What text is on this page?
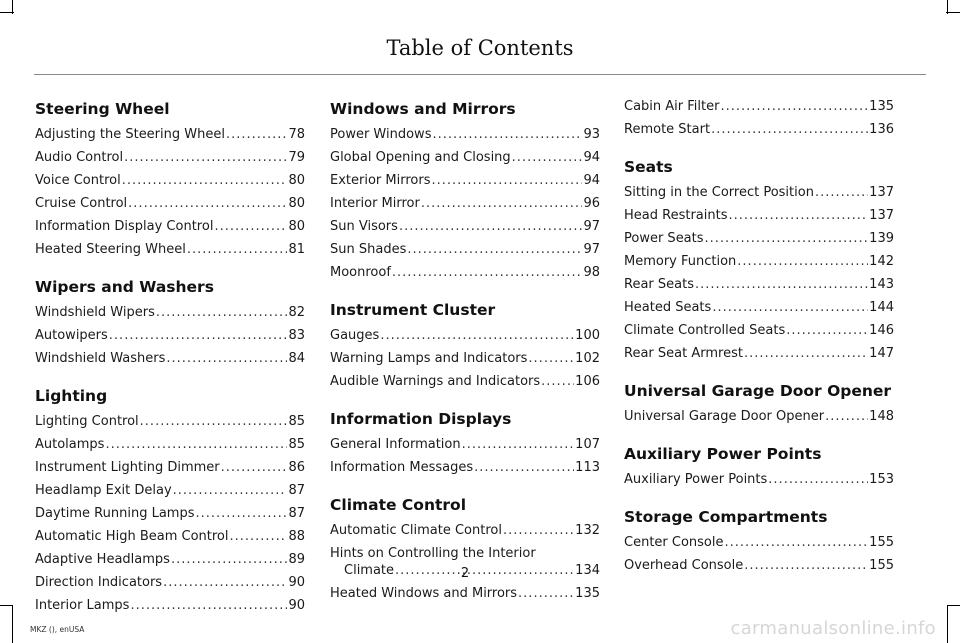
Table of Contents
Steering Wheel
Adjusting the Steering Wheel .....	78
Audio Control .....	79
Voice Control .....	80
Cruise Control .....	80
Information Display Control .....	80
Heated Steering Wheel .....	81
Wipers and Washers
Windshield Wipers .....	82
Autowipers .....	83
Windshield Washers .....	84
Lighting
Lighting Control .....	85
Autolamps .....	85
Instrument Lighting Dimmer .....	86
Headlamp Exit Delay .....	87
Daytime Running Lamps .....	87
Automatic High Beam Control .....	88
Adaptive Headlamps .....	89
Direction Indicators .....	90
Interior Lamps .....	90
Windows and Mirrors
Power Windows .....	93
Global Opening and Closing .....	94
Exterior Mirrors .....	94
Interior Mirror .....	96
Sun Visors .....	97
Sun Shades .....	97
Moonroof .....	98
Instrument Cluster
Gauges .....	100
Warning Lamps and Indicators .....	102
Audible Warnings and Indicators .....	106
Information Displays
General Information .....	107
Information Messages .....	113
Climate Control
Automatic Climate Control .....	132
Hints on Controlling the Interior
Climate .....	134
Heated Windows and Mirrors .....	135
Cabin Air Filter .....	135
Remote Start .....	136
Seats
Sitting in the Correct Position .....	137
Head Restraints .....	137
Power Seats .....	139
Memory Function .....	142
Rear Seats .....	143
Heated Seats .....	144
Climate Controlled Seats .....	146
Rear Seat Armrest .....	147
Universal Garage Door Opener
Universal Garage Door Opener .....	148
Auxiliary Power Points
Auxiliary Power Points .....	153
Storage Compartments
Center Console .....	155
Overhead Console .....	155
2
MKZ (), enUSA	carmanualsonline.info
